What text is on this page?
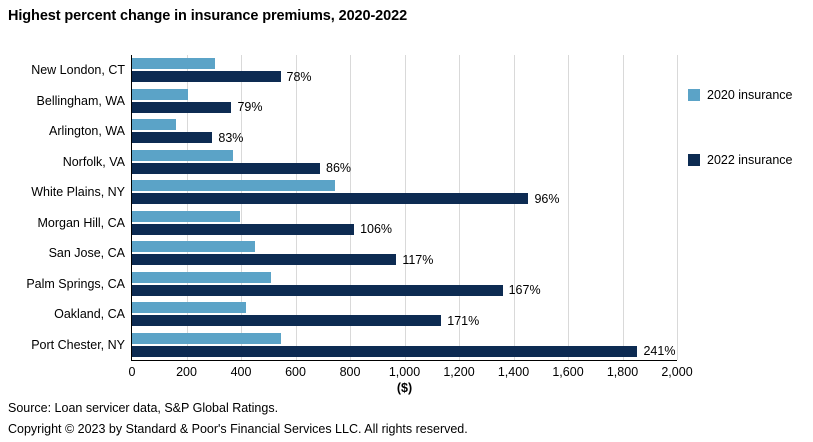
Highest percent change in insurance premiums, 2020-2022
New London, CT	78%
Bellingham, WA	79%
Arlington, WA	83%
Norfolk, VA	86%
White Plains, NY	96%
Morgan Hill, CA	106%
San Jose, CA	117%
Palm Springs, CA	167%
Oakland, CA	171%
Port Chester, NY	241%
0	200	400	600	800 1,000 1,200 1,400 1,600 1,800 2,000
($)
2020 insurance
2022 insurance
Source: Loan servicer data, S&P Global Ratings.
Copyright © 2023 by Standard & Poor's Financial Services LLC. All rights reserved.
